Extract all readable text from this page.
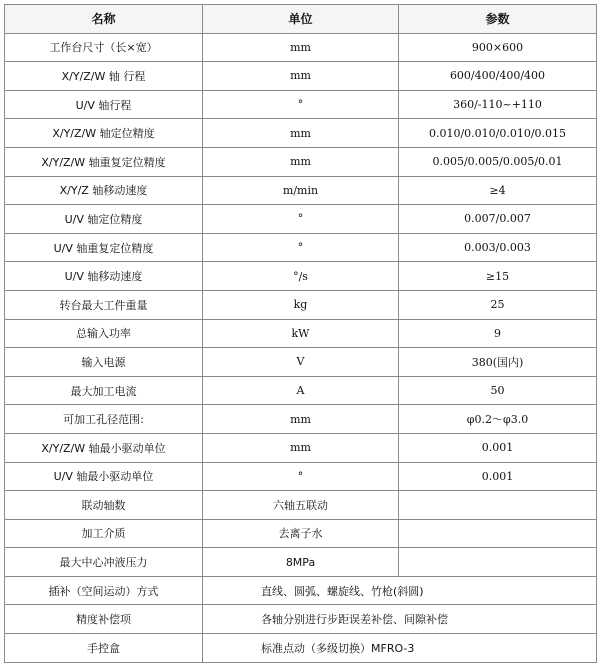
名称	单位	参数
工作台尺寸（长×宽）	mm	900×600
X/Y/Z/W 轴 行程	mm	600/400/400/400
U/V 轴行程	°	360/-110~+110
X/Y/Z/W 轴定位精度	mm	0.010/0.010/0.010/0.015
X/Y/Z/W 轴重复定位精度	mm	0.005/0.005/0.005/0.01
X/Y/Z 轴移动速度	m/min	≥4
U/V 轴定位精度	°	0.007/0.007
U/V 轴重复定位精度	°	0.003/0.003
U/V 轴移动速度	°/s	≥15
转台最大工件重量	kg	25
总输入功率	kW	9
输入电源	V	380(国内)
最大加工电流	A	50
可加工孔径范围:	mm	φ0.2～φ3.0
X/Y/Z/W 轴最小驱动单位	mm	0.001
U/V 轴最小驱动单位	°	0.001
联动轴数	六轴五联动	
加工介质	去离子水	
最大中心冲液压力	8MPa	
插补（空间运动）方式	直线、圆弧、螺旋线、竹枪(斜圆)	
精度补偿项	各轴分别进行步距误差补偿、间隙补偿	
手控盒	标准点动（多级切换）MFRO-3	
